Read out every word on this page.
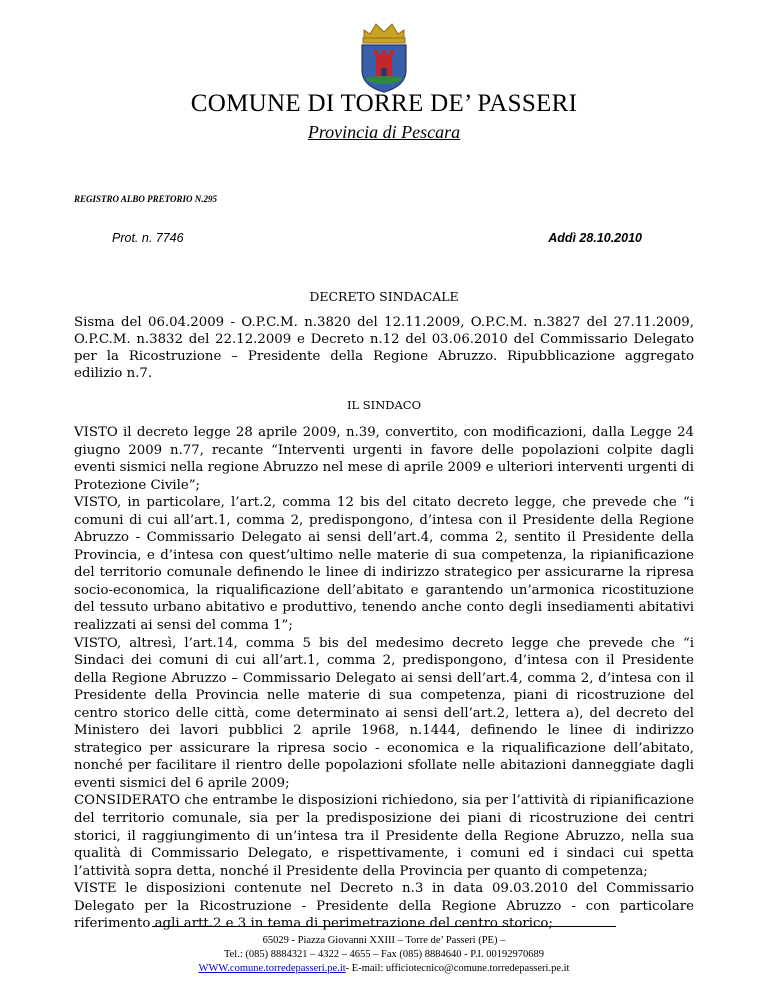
COMUNE DI TORRE DE’ PASSERI
Provincia di Pescara
REGISTRO ALBO PRETORIO N.295
Prot. n. 7746	Addì 28.10.2010
DECRETO SINDACALE

Sisma del 06.04.2009 - O.P.C.M. n.3820 del 12.11.2009, O.P.C.M. n.3827 del 27.11.2009, O.P.C.M. n.3832 del 22.12.2009 e Decreto n.12 del 03.06.2010 del Commissario Delegato per la Ricostruzione – Presidente della Regione Abruzzo. Ripubblicazione aggregato edilizio n.7.

IL SINDACO

VISTO il decreto legge 28 aprile 2009, n.39, convertito, con modificazioni, dalla Legge 24 giugno 2009 n.77, recante “Interventi urgenti in favore delle popolazioni colpite dagli eventi sismici nella regione Abruzzo nel mese di aprile 2009 e ulteriori interventi urgenti di Protezione Civile”;

VISTO, in particolare, l’art.2, comma 12 bis del citato decreto legge, che prevede che “i comuni di cui all’art.1, comma 2, predispongono, d’intesa con il Presidente della Regione Abruzzo - Commissario Delegato ai sensi dell’art.4, comma 2, sentito il Presidente della Provincia, e d’intesa con quest’ultimo nelle materie di sua competenza, la ripianificazione del territorio comunale definendo le linee di indirizzo strategico per assicurarne la ripresa socio-economica, la riqualificazione dell’abitato e garantendo un’armonica ricostituzione del tessuto urbano abitativo e produttivo, tenendo anche conto degli insediamenti abitativi realizzati ai sensi del comma 1”;

VISTO, altresì, l’art.14, comma 5 bis del medesimo decreto legge che prevede che “i Sindaci dei comuni di cui all’art.1, comma 2, predispongono, d’intesa con il Presidente della Regione Abruzzo – Commissario Delegato ai sensi dell’art.4, comma 2, d’intesa con il Presidente della Provincia nelle materie di sua competenza, piani di ricostruzione del centro storico delle città, come determinato ai sensi dell’art.2, lettera a), del decreto del Ministero dei lavori pubblici 2 aprile 1968, n.1444, definendo le linee di indirizzo strategico per assicurare la ripresa socio - economica e la riqualificazione dell’abitato, nonché per facilitare il rientro delle popolazioni sfollate nelle abitazioni danneggiate dagli eventi sismici del 6 aprile 2009;

CONSIDERATO che entrambe le disposizioni richiedono, sia per l’attività di ripianificazione del territorio comunale, sia per la predisposizione dei piani di ricostruzione dei centri storici, il raggiungimento di un’intesa tra il Presidente della Regione Abruzzo, nella sua qualità di Commissario Delegato, e rispettivamente, i comuni ed i sindaci cui spetta l’attività sopra detta, nonché il Presidente della Provincia per quanto di competenza;

VISTE le disposizioni contenute nel Decreto n.3 in data 09.03.2010 del Commissario Delegato per la Ricostruzione - Presidente della Regione Abruzzo - con particolare riferimento agli artt.2 e 3 in tema di perimetrazione del centro storico;

65029 - Piazza Giovanni XXIII – Torre de’ Passeri (PE) –
Tel.: (085) 8884321 – 4322 – 4655 – Fax (085) 8884640 - P.I. 00192970689
WWW.comune.torredepasseri.pe.it- E-mail: ufficiotecnico@comune.torredepasseri.pe.it
